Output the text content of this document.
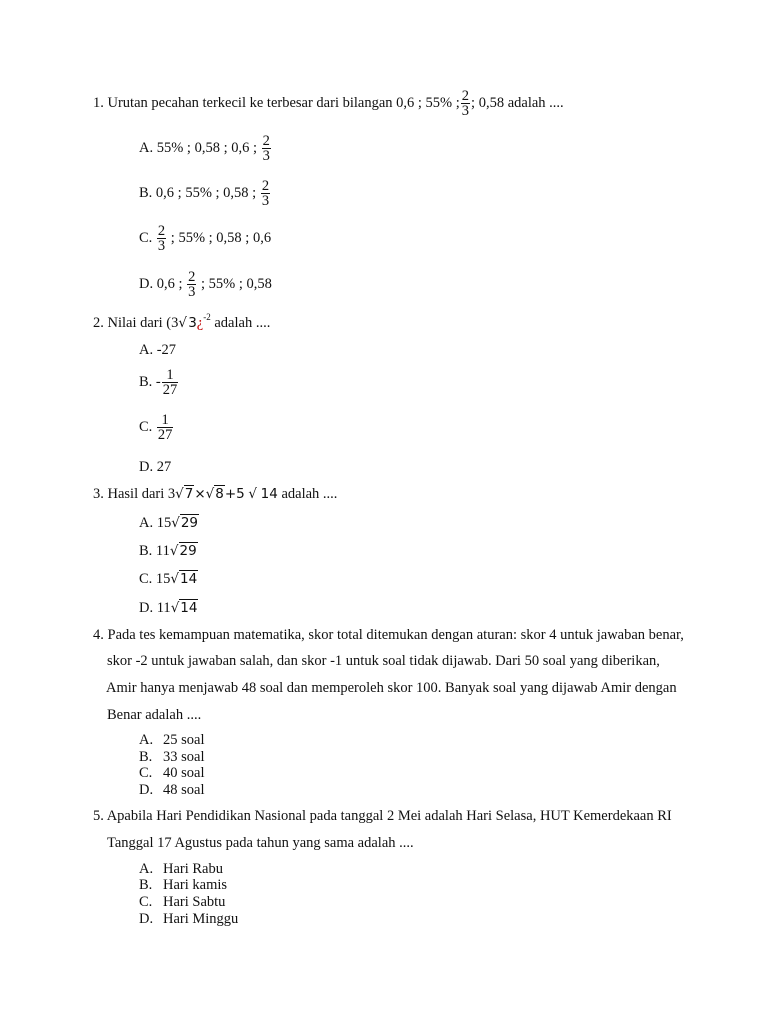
1. Urutan pecahan terkecil ke terbesar dari bilangan 0,6 ; 55% ; $\frac{2}{3}$ ; 0,58 adalah ....
A. 55% ; 0,58 ; 0,6 ; $\frac{2}{3}$
B. 0,6 ; 55% ; 0,58 ; $\frac{2}{3}$
C. $\frac{2}{3}$ ; 55% ; 0,58 ; 0,6
D. 0,6 ; $\frac{2}{3}$ ; 55% ; 0,58
2. Nilai dari (3√ 3¿$^{-2}$ adalah ....
A. -27
B. - $\frac{1}{27}$
C. $\frac{1}{27}$
D. 27
3. Hasil dari 3√7×√8+5 √ 14 adalah ....
A. 15√29
B. 11√29
C. 15√14
D. 11√14
4. Pada tes kemampuan matematika, skor total ditemukan dengan aturan: skor 4 untuk jawaban benar,
skor -2 untuk jawaban salah, dan skor -1 untuk soal tidak dijawab. Dari 50 soal yang diberikan,
Amir hanya menjawab 48 soal dan memperoleh skor 100. Banyak soal yang dijawab Amir dengan
Benar adalah ....
A. 25 soal
B. 33 soal
C. 40 soal
D. 48 soal
5. Apabila Hari Pendidikan Nasional pada tanggal 2 Mei adalah Hari Selasa, HUT Kemerdekaan RI
Tanggal 17 Agustus pada tahun yang sama adalah ....
A. Hari Rabu
B. Hari kamis
C. Hari Sabtu
D. Hari Minggu
